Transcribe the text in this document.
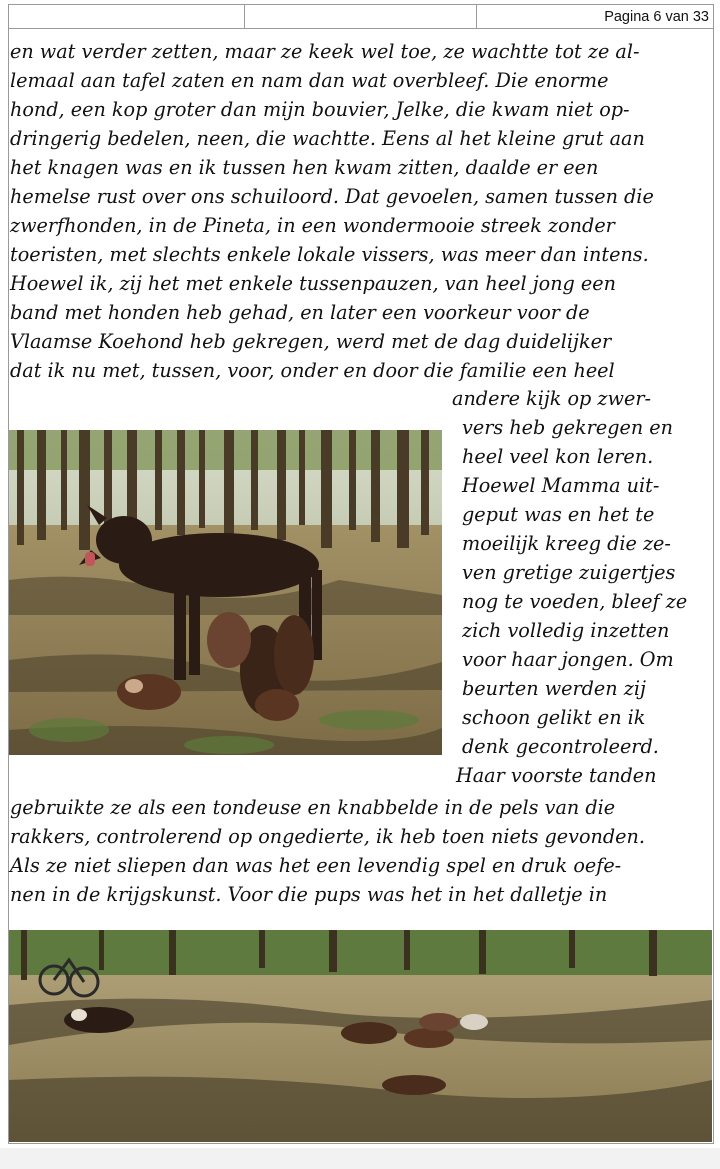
Pagina 6 van 33
en wat verder zetten, maar ze keek wel toe, ze wachtte tot ze al-
lemaal aan tafel zaten en nam dan wat overbleef. Die enorme
hond, een kop groter dan mijn bouvier, Jelke, die kwam niet op-
dringerig bedelen, neen, die wachtte. Eens al het kleine grut aan
het knagen was en ik tussen hen kwam zitten, daalde er een
hemelse rust over ons schuiloord. Dat gevoelen, samen tussen die
zwerfhonden, in de Pineta, in een wondermooie streek zonder
toeristen, met slechts enkele lokale vissers, was meer dan intens.
Hoewel ik, zij het met enkele tussenpauzen, van heel jong een
band met honden heb gehad, en later een voorkeur voor de
Vlaamse Koehond heb gekregen, werd met de dag duidelijker
dat ik nu met, tussen, voor, onder en door die familie een heel
andere kijk op zwer-
vers heb gekregen en
heel veel kon leren.
Hoewel Mamma uit-
geput was en het te
moeilijk kreeg die ze-
ven gretige zuigertjes
nog te voeden, bleef ze
zich volledig inzetten
voor haar jongen. Om
beurten werden zij
schoon gelikt en ik
denk gecontroleerd.
Haar voorste tanden
gebruikte ze als een tondeuse en knabbelde in de pels van die
rakkers, controlerend op ongedierte, ik heb toen niets gevonden.
Als ze niet sliepen dan was het een levendig spel en druk oefe-
nen in de krijgskunst. Voor die pups was het in het dalletje in
